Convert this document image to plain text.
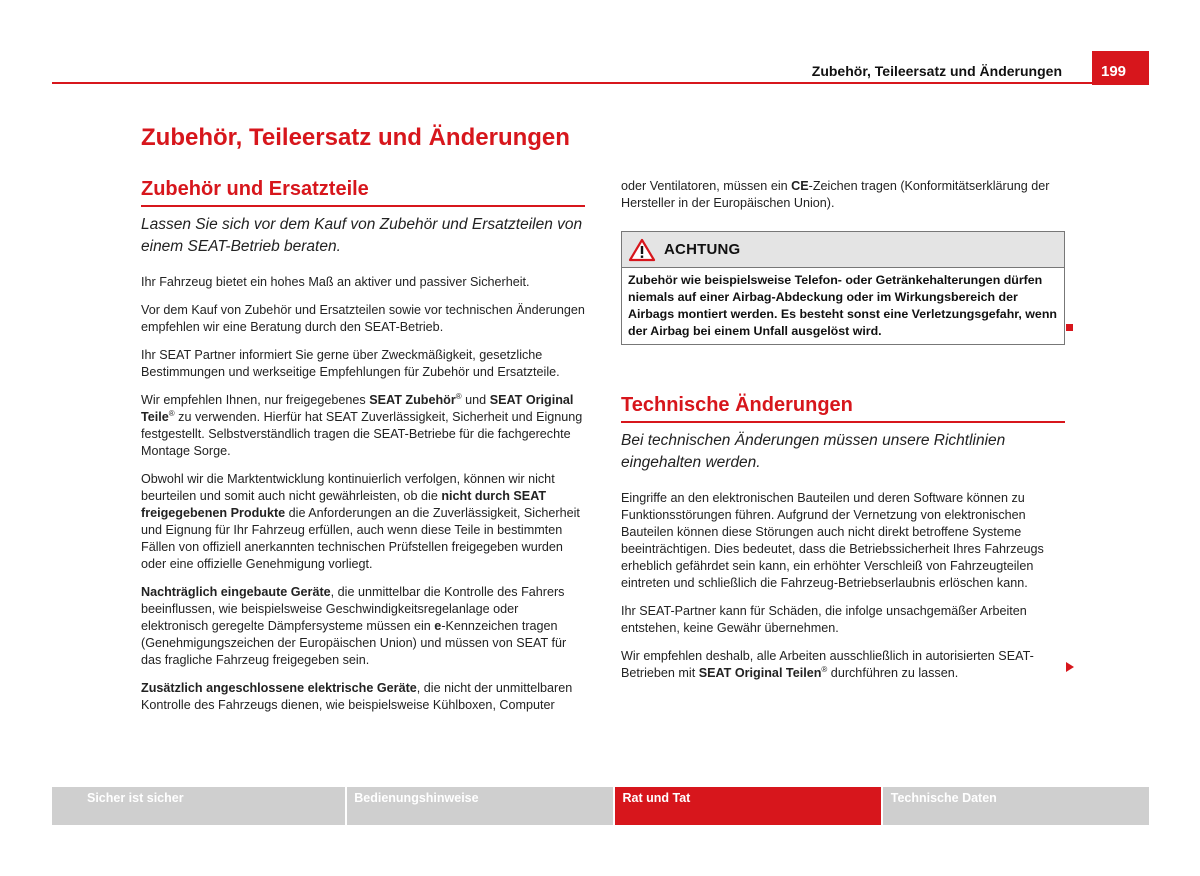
Zubehör, Teileersatz und Änderungen	199
Zubehör, Teileersatz und Änderungen
Zubehör und Ersatzteile

Lassen Sie sich vor dem Kauf von Zubehör und Ersatzteilen von einem SEAT-Betrieb beraten.

Ihr Fahrzeug bietet ein hohes Maß an aktiver und passiver Sicherheit.

Vor dem Kauf von Zubehör und Ersatzteilen sowie vor technischen Änderungen empfehlen wir eine Beratung durch den SEAT-Betrieb.

Ihr SEAT Partner informiert Sie gerne über Zweckmäßigkeit, gesetzliche Bestimmungen und werkseitige Empfehlungen für Zubehör und Ersatzteile.

Wir empfehlen Ihnen, nur freigegebenes SEAT Zubehör® und SEAT Original Teile® zu verwenden. Hierfür hat SEAT Zuverlässigkeit, Sicherheit und Eignung festgestellt. Selbstverständlich tragen die SEAT-Betriebe für die fachgerechte Montage Sorge.

Obwohl wir die Marktentwicklung kontinuierlich verfolgen, können wir nicht beurteilen und somit auch nicht gewährleisten, ob die nicht durch SEAT freigegebenen Produkte die Anforderungen an die Zuverlässigkeit, Sicherheit und Eignung für Ihr Fahrzeug erfüllen, auch wenn diese Teile in bestimmten Fällen von offiziell anerkannten technischen Prüfstellen freigegeben wurden oder eine offizielle Genehmigung vorliegt.

Nachträglich eingebaute Geräte, die unmittelbar die Kontrolle des Fahrers beeinflussen, wie beispielsweise Geschwindigkeitsregelanlage oder elektronisch geregelte Dämpfersysteme müssen ein e-Kennzeichen tragen (Genehmigungszeichen der Europäischen Union) und müssen von SEAT für das fragliche Fahrzeug freigegeben sein.

Zusätzlich angeschlossene elektrische Geräte, die nicht der unmittelbaren Kontrolle des Fahrzeugs dienen, wie beispielsweise Kühlboxen, Computer

oder Ventilatoren, müssen ein CE-Zeichen tragen (Konformitätserklärung der Hersteller in der Europäischen Union).

ACHTUNG
Zubehör wie beispielsweise Telefon- oder Getränkehalterungen dürfen niemals auf einer Airbag-Abdeckung oder im Wirkungsbereich der Airbags montiert werden. Es besteht sonst eine Verletzungsgefahr, wenn der Airbag bei einem Unfall ausgelöst wird.
Technische Änderungen

Bei technischen Änderungen müssen unsere Richtlinien eingehalten werden.

Eingriffe an den elektronischen Bauteilen und deren Software können zu Funktionsstörungen führen. Aufgrund der Vernetzung von elektronischen Bauteilen können diese Störungen auch nicht direkt betroffene Systeme beeinträchtigen. Dies bedeutet, dass die Betriebssicherheit Ihres Fahrzeugs erheblich gefährdet sein kann, ein erhöhter Verschleiß von Fahrzeugteilen eintreten und schließlich die Fahrzeug-Betriebserlaubnis erlöschen kann.

Ihr SEAT-Partner kann für Schäden, die infolge unsachgemäßer Arbeiten entstehen, keine Gewähr übernehmen.

Wir empfehlen deshalb, alle Arbeiten ausschließlich in autorisierten SEAT-Betrieben mit SEAT Original Teilen® durchführen zu lassen.

Sicher ist sicher	Bedienungshinweise	Rat und Tat	Technische Daten
